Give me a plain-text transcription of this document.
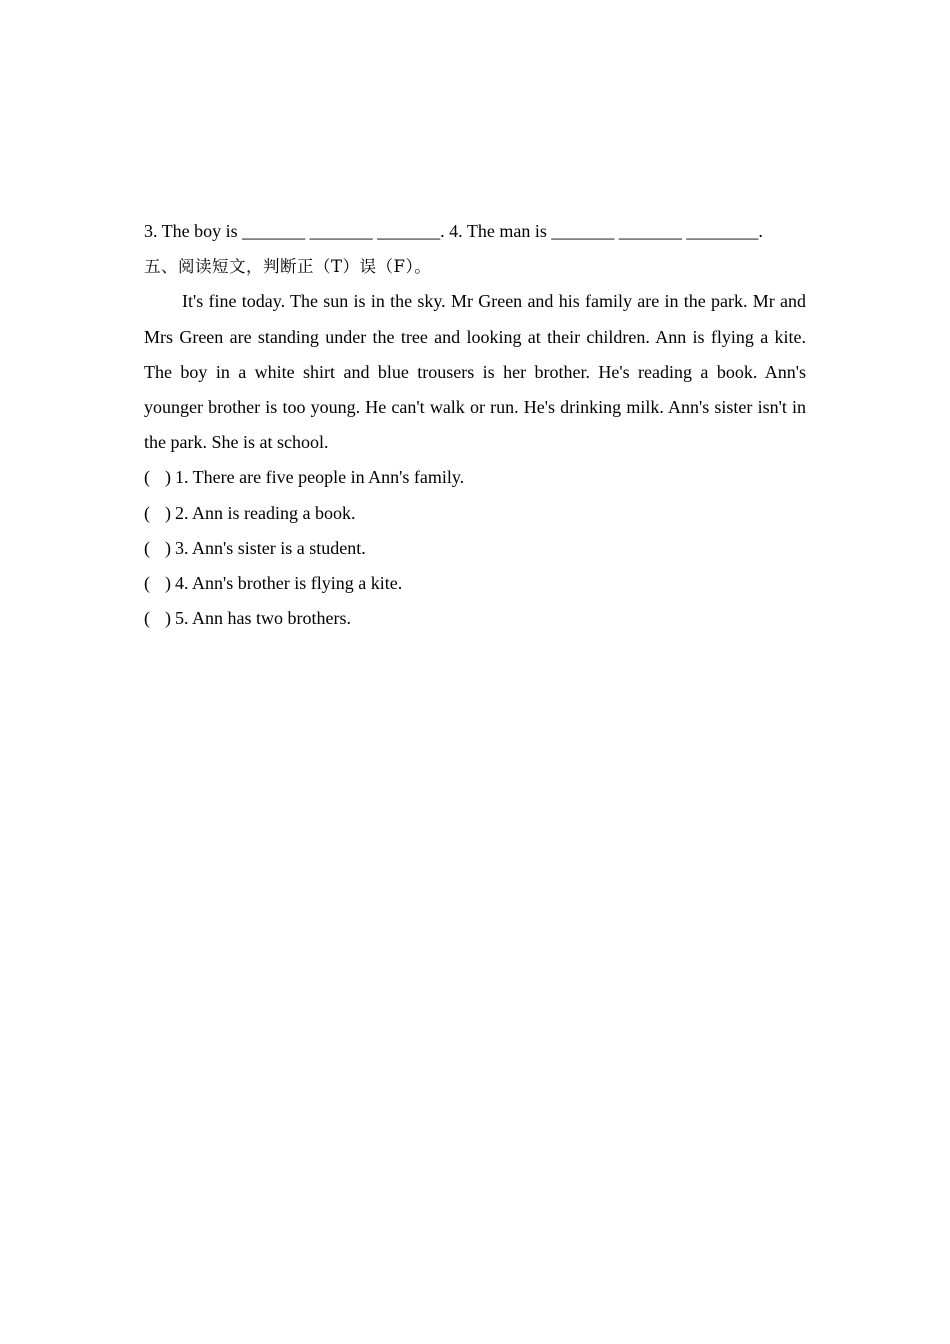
3. The boy is _______ _______ _______. 4. The man is _______ _______ ________.
五、阅读短文，判断正（T）误（F）。

It's fine today. The sun is in the sky. Mr Green and his family are in the park. Mr and Mrs Green are standing under the tree and looking at their children. Ann is flying a kite. The boy in a white shirt and blue trousers is her brother. He's reading a book. Ann's younger brother is too young. He can't walk or run. He's drinking milk. Ann's sister isn't in the park. She is at school.

( ) 1. There are five people in Ann's family.
( ) 2. Ann is reading a book.
( ) 3. Ann's sister is a student.
( ) 4. Ann's brother is flying a kite.
( ) 5. Ann has two brothers.
